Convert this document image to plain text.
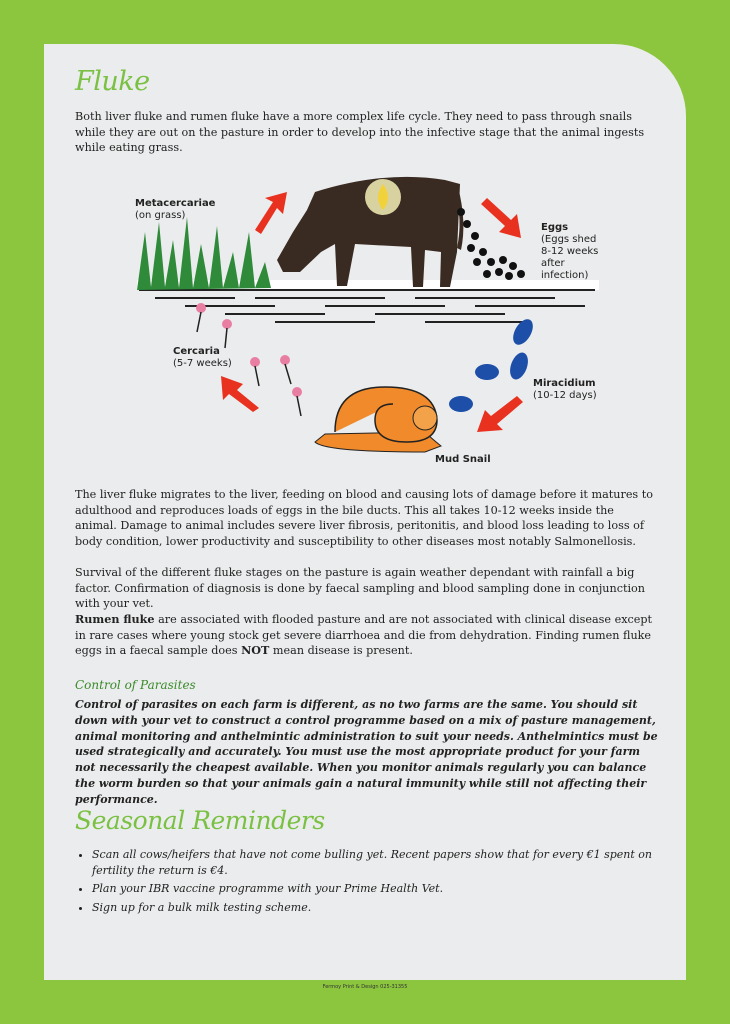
Fluke

Both liver fluke and rumen fluke have a more complex life cycle. They need to pass through snails while they are out on the pasture in order to develop into the infective stage that the animal ingests while eating grass.

Metacercariae
(on grass)
Eggs
(Eggs shed
8-12 weeks
after
infection)
Cercaria
(5-7 weeks)
Miracidium
(10-12 days)
Mud Snail

The liver fluke migrates to the liver, feeding on blood and causing lots of damage before it matures to adulthood and reproduces loads of eggs in the bile ducts. This all takes 10-12 weeks inside the animal. Damage to animal includes severe liver fibrosis, peritonitis, and blood loss leading to loss of body condition, lower productivity and susceptibility to other diseases most notably Salmonellosis.

Survival of the different fluke stages on the pasture is again weather dependant with rainfall a big factor. Confirmation of diagnosis is done by faecal sampling and blood sampling done in conjunction with your vet.

Rumen fluke are associated with flooded pasture and are not associated with clinical disease except in rare cases where young stock get severe diarrhoea and die from dehydration. Finding rumen fluke eggs in a faecal sample does NOT mean disease is present.

Control of Parasites

Control of parasites on each farm is different, as no two farms are the same. You should sit down with your vet to construct a control programme based on a mix of pasture management, animal monitoring and anthelmintic administration to suit your needs. Anthelmintics must be used strategically and accurately. You must use the most appropriate product for your farm not necessarily the cheapest available. When you monitor animals regularly you can balance the worm burden so that your animals gain a natural immunity while still not affecting their performance.

Seasonal Reminders
• Scan all cows/heifers that have not come bulling yet. Recent papers show that for every €1 spent on fertility the return is €4.
• Plan your IBR vaccine programme with your Prime Health Vet.
• Sign up for a bulk milk testing scheme.
Fermoy Print & Design 025-31355
